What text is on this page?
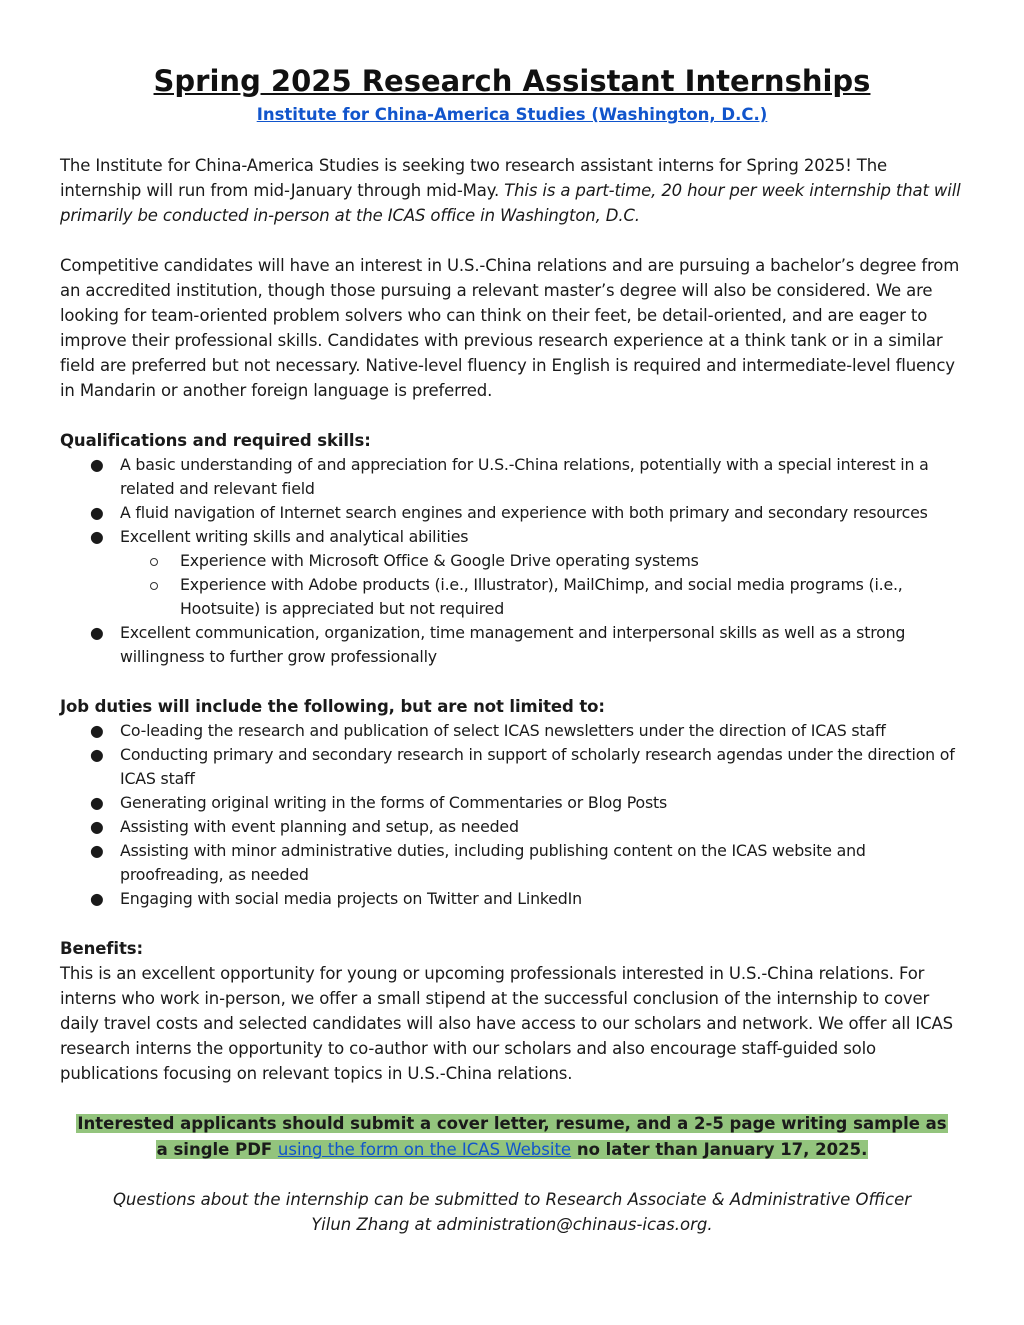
Spring 2025 Research Assistant Internships
Institute for China-America Studies (Washington, D.C.)

The Institute for China-America Studies is seeking two research assistant interns for Spring 2025! The internship will run from mid-January through mid-May. This is a part-time, 20 hour per week internship that will primarily be conducted in-person at the ICAS office in Washington, D.C.

Competitive candidates will have an interest in U.S.-China relations and are pursuing a bachelor’s degree from an accredited institution, though those pursuing a relevant master’s degree will also be considered. We are looking for team-oriented problem solvers who can think on their feet, be detail-oriented, and are eager to improve their professional skills. Candidates with previous research experience at a think tank or in a similar field are preferred but not necessary. Native-level fluency in English is required and intermediate-level fluency in Mandarin or another foreign language is preferred.

Qualifications and required skills:
● A basic understanding of and appreciation for U.S.-China relations, potentially with a special interest in a related and relevant field
● A fluid navigation of Internet search engines and experience with both primary and secondary resources
● Excellent writing skills and analytical abilities
Experience with Microsoft Office & Google Drive operating systems
Experience with Adobe products (i.e., Illustrator), MailChimp, and social media programs (i.e., Hootsuite) is appreciated but not required
● Excellent communication, organization, time management and interpersonal skills as well as a strong willingness to further grow professionally
Job duties will include the following, but are not limited to:
● Co-leading the research and publication of select ICAS newsletters under the direction of ICAS staff
● Conducting primary and secondary research in support of scholarly research agendas under the direction of ICAS staff
● Generating original writing in the forms of Commentaries or Blog Posts
● Assisting with event planning and setup, as needed
● Assisting with minor administrative duties, including publishing content on the ICAS website and proofreading, as needed
● Engaging with social media projects on Twitter and LinkedIn
Benefits:

This is an excellent opportunity for young or upcoming professionals interested in U.S.-China relations. For interns who work in-person, we offer a small stipend at the successful conclusion of the internship to cover daily travel costs and selected candidates will also have access to our scholars and network. We offer all ICAS research interns the opportunity to co-author with our scholars and also encourage staff-guided solo publications focusing on relevant topics in U.S.-China relations.

Interested applicants should submit a cover letter, resume, and a 2-5 page writing sample as
a single PDF using the form on the ICAS Website no later than January 17, 2025.
Questions about the internship can be submitted to Research Associate & Administrative Officer
Yilun Zhang at administration@chinaus-icas.org.
